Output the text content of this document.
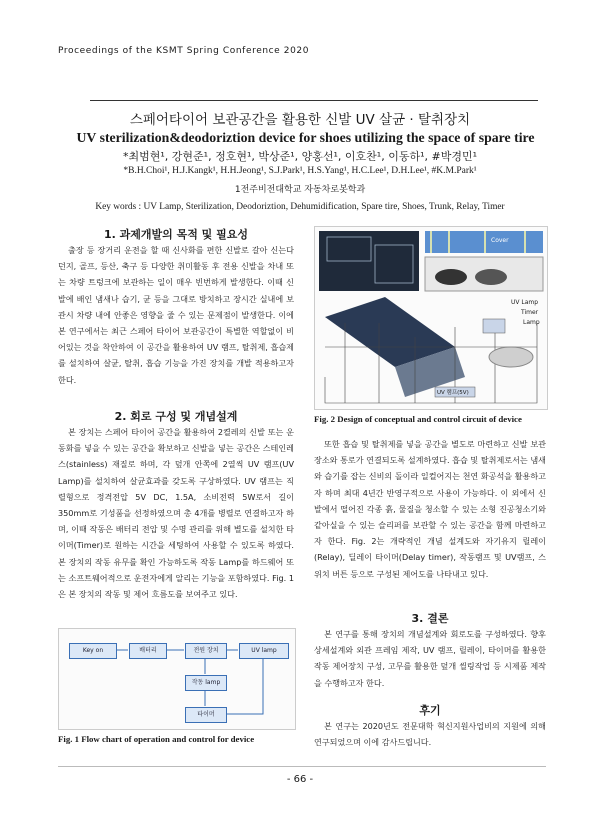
Proceedings of the KSMT Spring Conference 2020
스페어타이어 보관공간을 활용한 신발 UV 살균 · 탈취장치
UV sterilization&deodoriztion device for shoes utilizing the space of spare tire
*최범현¹, 강현준¹, 정호현¹, 박상준¹, 양홍선¹, 이호찬¹, 이동하¹, #박경민¹
*B.H.Choi¹, H.J.Kangk¹, H.H.Jeong¹, S.J.Park¹, H.S.Yang¹, H.C.Lee¹, D.H.Lee¹, #K.M.Park¹
1전주비전대학교 자동차로봇학과
Key words : UV Lamp, Sterilization, Deodoriztion, Dehumidification, Spare tire, Shoes, Trunk, Relay, Timer
1. 과제개발의 목적 및 필요성

출장 등 장거리 운전을 할 때 신사화를 편한 신발로 갈아 신는다던지, 골프, 등산, 축구 등 다양한 취미활동 후 전용 신발을 차내 또는 차량 트렁크에 보관하는 일이 매우 빈번하게 발생한다. 이때 신발에 배인 냄새나 습기, 균 등을 그대로 방치하고 장시간 실내에 보관시 차량 내에 안좋은 영향을 줄 수 있는 문제점이 발생한다. 이에 본 연구에서는 최근 스페어 타이어 보관공간이 특별한 역할없이 비어있는 것을 착안하여 이 공간을 활용하여 UV 램프, 탈취제, 흡습제를 설치하여 살균, 탈취, 흡습 기능을 가진 장치를 개발 적용하고자 한다.

2. 회로 구성 및 개념설계

본 장치는 스페어 타이어 공간을 활용하여 2켤레의 신발 또는 운동화를 넣을 수 있는 공간을 확보하고 신발을 넣는 공간은 스테인레스(stainless) 재질로 하며, 각 덮개 안쪽에 2열씩 UV 램프(UV Lamp)를 설치하여 살균효과를 갖도록 구상하였다. UV 램프는 직렬형으로 정격전압 5V DC, 1.5A, 소비전력 5W로서 길이 350mm로 기성품을 선정하였으며 총 4개를 병렬로 연결하고자 하며, 이때 작동은 배터리 전압 및 수명 관리를 위해 별도를 설치한 타이머(Timer)로 원하는 시간을 세팅하여 사용할 수 있도록 하였다. 본 장치의 작동 유무를 확인 가능하도록 작동 Lamp를 하드웨어 또는 소프트웨어적으로 운전자에게 알리는 기능을 포함하였다. Fig. 1은 본 장치의 작동 및 제어 흐름도를 보여주고 있다.

Key on	배터리	전원 장치	UV lamp
작동 lamp
타이머
Fig. 1 Flow chart of operation and control for device
Cover
UV Lamp
Timer
Lamp
UV 램프(5V)
Fig. 2 Design of conceptual and control circuit of device

또한 흡습 및 탈취제를 넣을 공간을 별도로 마련하고 신발 보관 장소와 통로가 연결되도록 설계하였다. 흡습 및 탈취제로서는 냄새와 습기를 잡는 신비의 돌이라 일컬어지는 천연 화공석을 활용하고자 하며 최대 4년간 반영구적으로 사용이 가능하다. 이 외에서 신발에서 떨어진 각종 흙, 물질을 청소할 수 있는 소형 진공청소기와 같아실을 수 있는 슬리퍼를 보관할 수 있는 공간을 함께 마련하고자 한다. Fig. 2는 개략적인 개념 설계도와 자기유지 릴레이(Relay), 딜레이 타이머(Delay timer), 작동램프 및 UV램프, 스위치 버튼 등으로 구성된 제어도를 나타내고 있다.

3. 결론

본 연구를 통해 장치의 개념설계와 회로도를 구성하였다. 향후 상세설계와 외관 프레임 제작, UV 램프, 릴레이, 타이머를 활용한 작동 제어장치 구성, 고무를 활용한 덮개 씰링작업 등 시제품 제작을 수행하고자 한다.

후기

본 연구는 2020년도 전문대학 혁신지원사업비의 지원에 의해 연구되었으며 이에 감사드립니다.

- 66 -
